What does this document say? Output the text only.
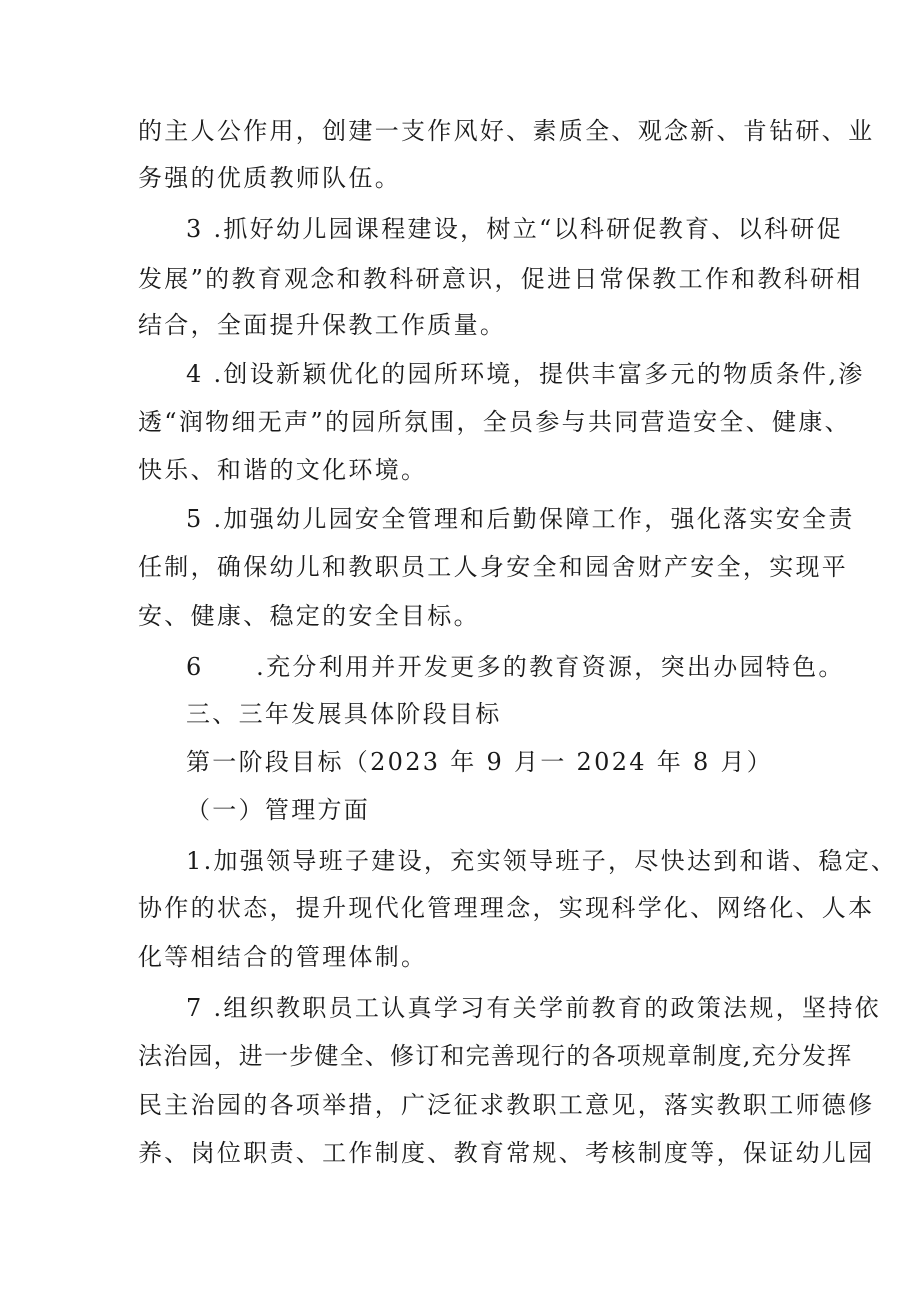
的主人公作用，创建一支作风好、素质全、观念新、肯钻研、业
务强的优质教师队伍。
3 .抓好幼儿园课程建设，树立“以科研促教育、以科研促
发展”的教育观念和教科研意识，促进日常保教工作和教科研相
结合，全面提升保教工作质量。
4 .创设新颖优化的园所环境，提供丰富多元的物质条件,渗
透“润物细无声”的园所氛围，全员参与共同营造安全、健康、
快乐、和谐的文化环境。
5 .加强幼儿园安全管理和后勤保障工作，强化落实安全责
任制，确保幼儿和教职员工人身安全和园舍财产安全，实现平
安、健康、稳定的安全目标。
6　　.充分利用并开发更多的教育资源，突出办园特色。
三、三年发展具体阶段目标
第一阶段目标（2023 年 9 月一 2024 年 8 月）
（一）管理方面
1.加强领导班子建设，充实领导班子，尽快达到和谐、稳定、
协作的状态，提升现代化管理理念，实现科学化、网络化、人本
化等相结合的管理体制。
7 .组织教职员工认真学习有关学前教育的政策法规，坚持依
法治园，进一步健全、修订和完善现行的各项规章制度,充分发挥
民主治园的各项举措，广泛征求教职工意见，落实教职工师德修
养、岗位职责、工作制度、教育常规、考核制度等，保证幼儿园
